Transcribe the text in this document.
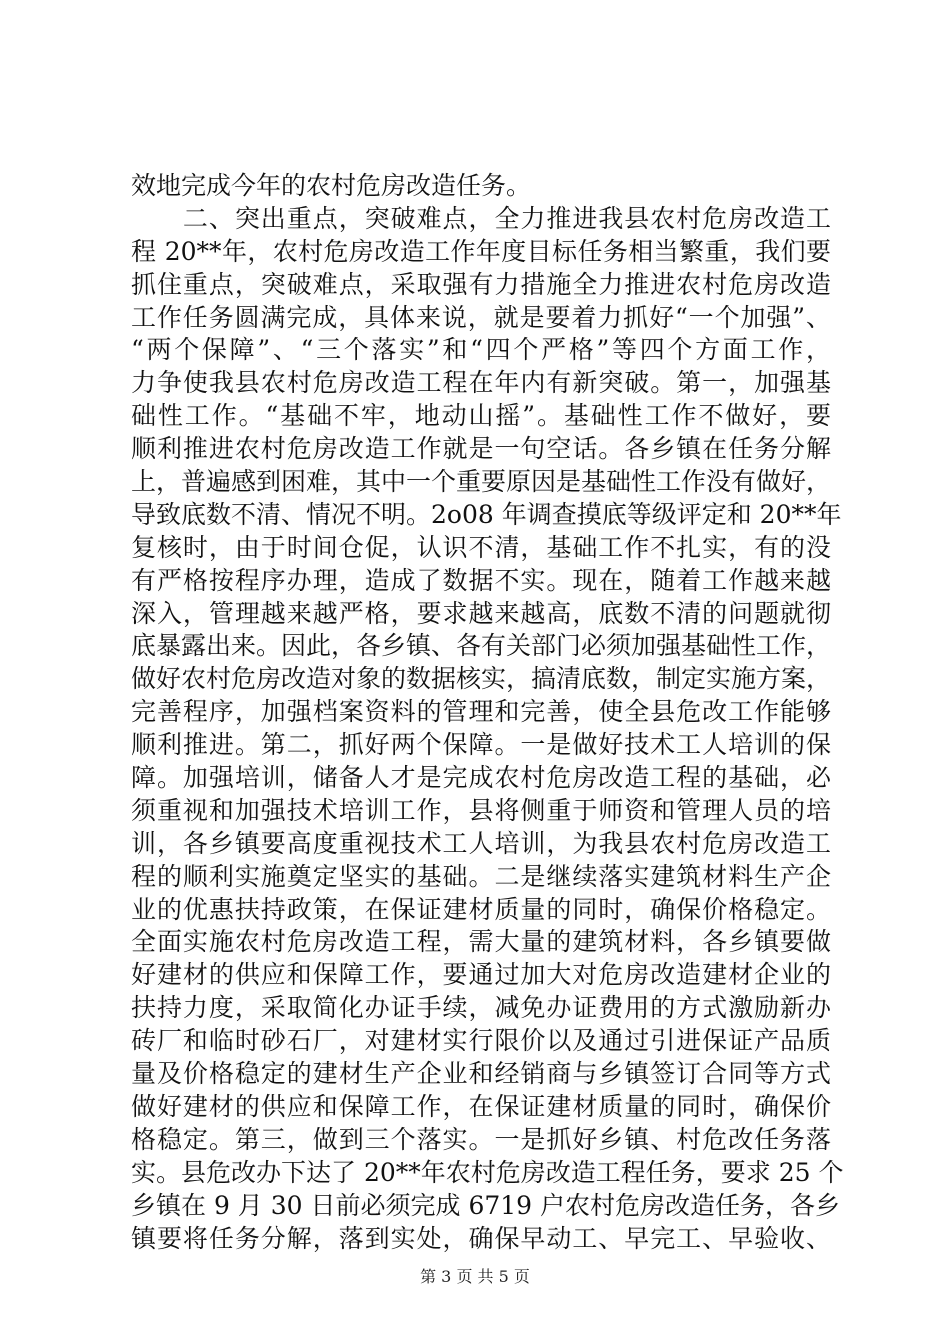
效地完成今年的农村危房改造任务。
　　二、突出重点，突破难点，全力推进我县农村危房改造工
程 20**年，农村危房改造工作年度目标任务相当繁重，我们要
抓住重点，突破难点，采取强有力措施全力推进农村危房改造
工作任务圆满完成，具体来说，就是要着力抓好“一个加强”、
“两个保障”、“三个落实”和“四个严格”等四个方面工作，
力争使我县农村危房改造工程在年内有新突破。第一，加强基
础性工作。“基础不牢，地动山摇”。基础性工作不做好，要
顺利推进农村危房改造工作就是一句空话。各乡镇在任务分解
上，普遍感到困难，其中一个重要原因是基础性工作没有做好，
导致底数不清、情况不明。2o08 年调查摸底等级评定和 20**年
复核时，由于时间仓促，认识不清，基础工作不扎实，有的没
有严格按程序办理，造成了数据不实。现在，随着工作越来越
深入，管理越来越严格，要求越来越高，底数不清的问题就彻
底暴露出来。因此，各乡镇、各有关部门必须加强基础性工作，
做好农村危房改造对象的数据核实，搞清底数，制定实施方案，
完善程序，加强档案资料的管理和完善，使全县危改工作能够
顺利推进。第二，抓好两个保障。一是做好技术工人培训的保
障。加强培训，储备人才是完成农村危房改造工程的基础，必
须重视和加强技术培训工作，县将侧重于师资和管理人员的培
训，各乡镇要高度重视技术工人培训，为我县农村危房改造工
程的顺利实施奠定坚实的基础。二是继续落实建筑材料生产企
业的优惠扶持政策，在保证建材质量的同时，确保价格稳定。
全面实施农村危房改造工程，需大量的建筑材料，各乡镇要做
好建材的供应和保障工作，要通过加大对危房改造建材企业的
扶持力度，采取简化办证手续，减免办证费用的方式激励新办
砖厂和临时砂石厂，对建材实行限价以及通过引进保证产品质
量及价格稳定的建材生产企业和经销商与乡镇签订合同等方式
做好建材的供应和保障工作，在保证建材质量的同时，确保价
格稳定。第三，做到三个落实。一是抓好乡镇、村危改任务落
实。县危改办下达了 20**年农村危房改造工程任务，要求 25 个
乡镇在 9 月 30 日前必须完成 6719 户农村危房改造任务，各乡
镇要将任务分解，落到实处，确保早动工、早完工、早验收、
第 3 页 共 5 页
